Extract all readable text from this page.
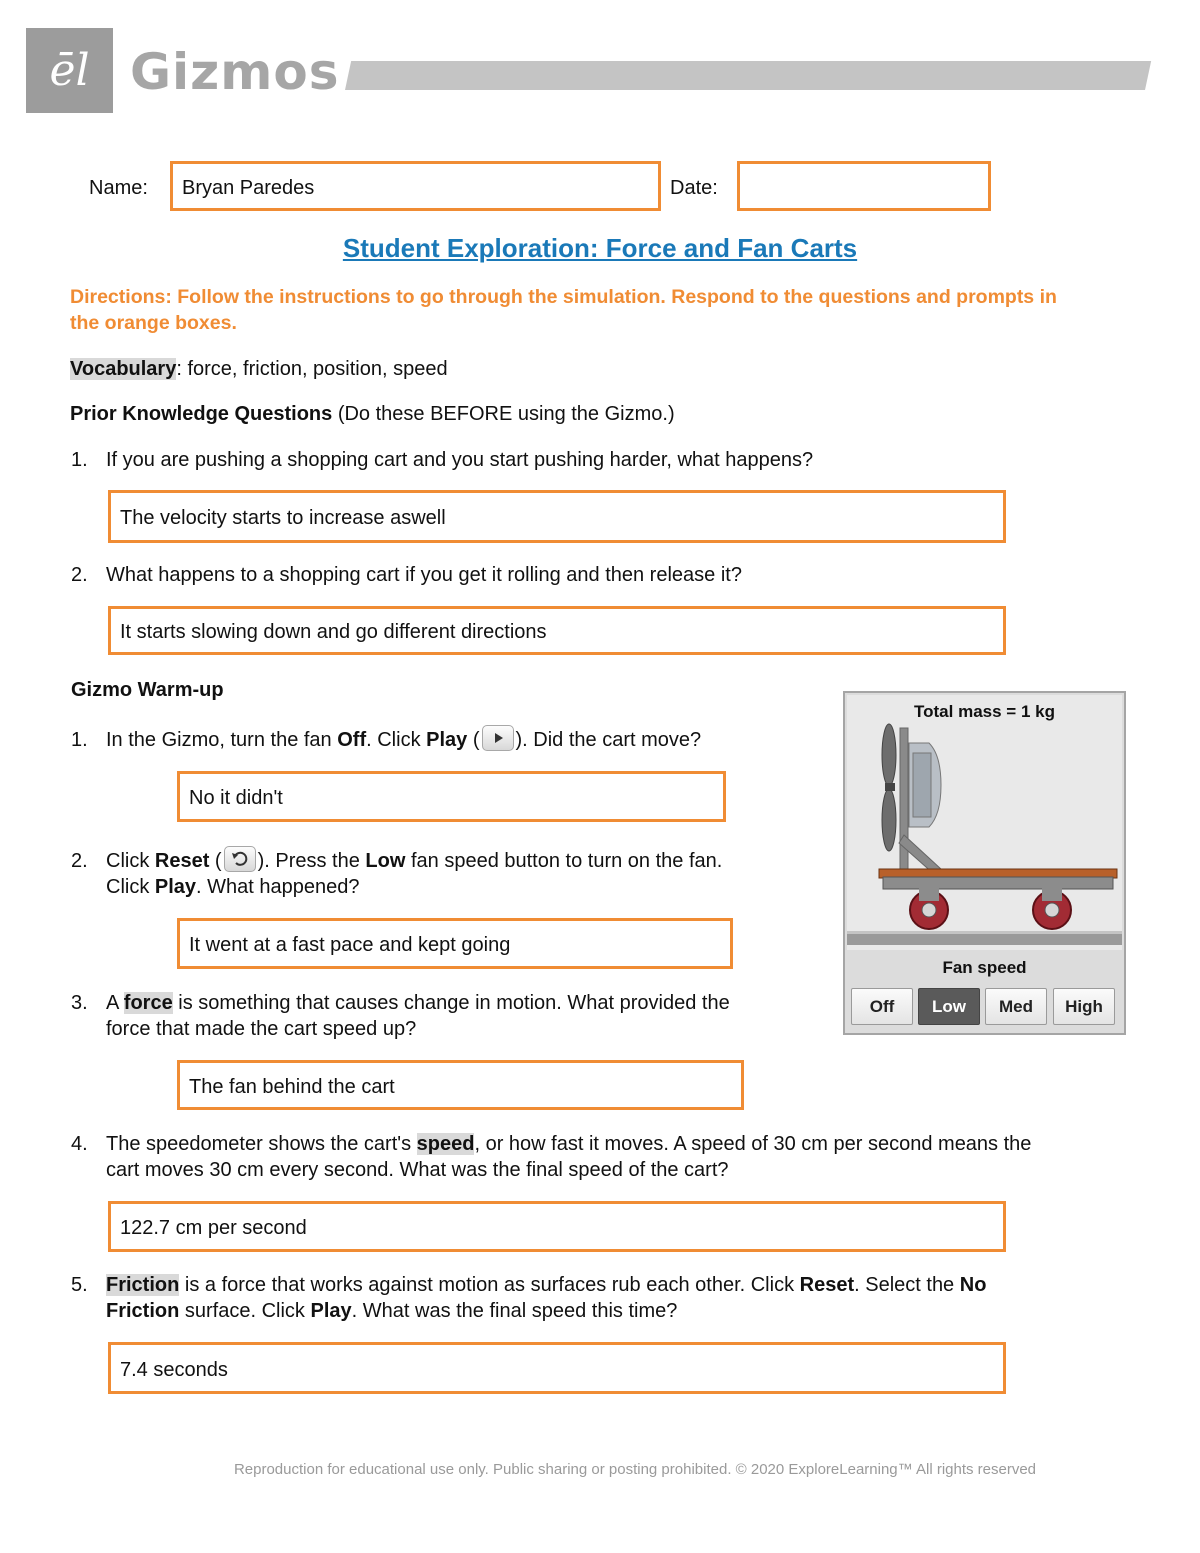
ēl Gizmos
Name:	Bryan Paredes	Date:
Student Exploration: Force and Fan Carts
Directions: Follow the instructions to go through the simulation. Respond to the questions and prompts in the orange boxes.
Vocabulary: force, friction, position, speed
Prior Knowledge Questions (Do these BEFORE using the Gizmo.)
1. If you are pushing a shopping cart and you start pushing harder, what happens?
The velocity starts to increase aswell
2. What happens to a shopping cart if you get it rolling and then release it?
It starts slowing down and go different directions
Gizmo Warm-up
1. In the Gizmo, turn the fan Off. Click Play ( ). Did the cart move?
No it didn't
2. Click Reset ( ). Press the Low fan speed button to turn on the fan.
Click Play. What happened?
It went at a fast pace and kept going
3. A force is something that causes change in motion. What provided the
force that made the cart speed up?
The fan behind the cart
4. The speedometer shows the cart's speed, or how fast it moves. A speed of 30 cm per second means the
cart moves 30 cm every second. What was the final speed of the cart?
122.7 cm per second
5. Friction is a force that works against motion as surfaces rub each other. Click Reset. Select the No
Friction surface. Click Play. What was the final speed this time?
7.4 seconds
Total mass = 1 kg
Fan speed
Off	Low	Med	High
Reproduction for educational use only. Public sharing or posting prohibited. © 2020 ExploreLearning™ All rights reserved
